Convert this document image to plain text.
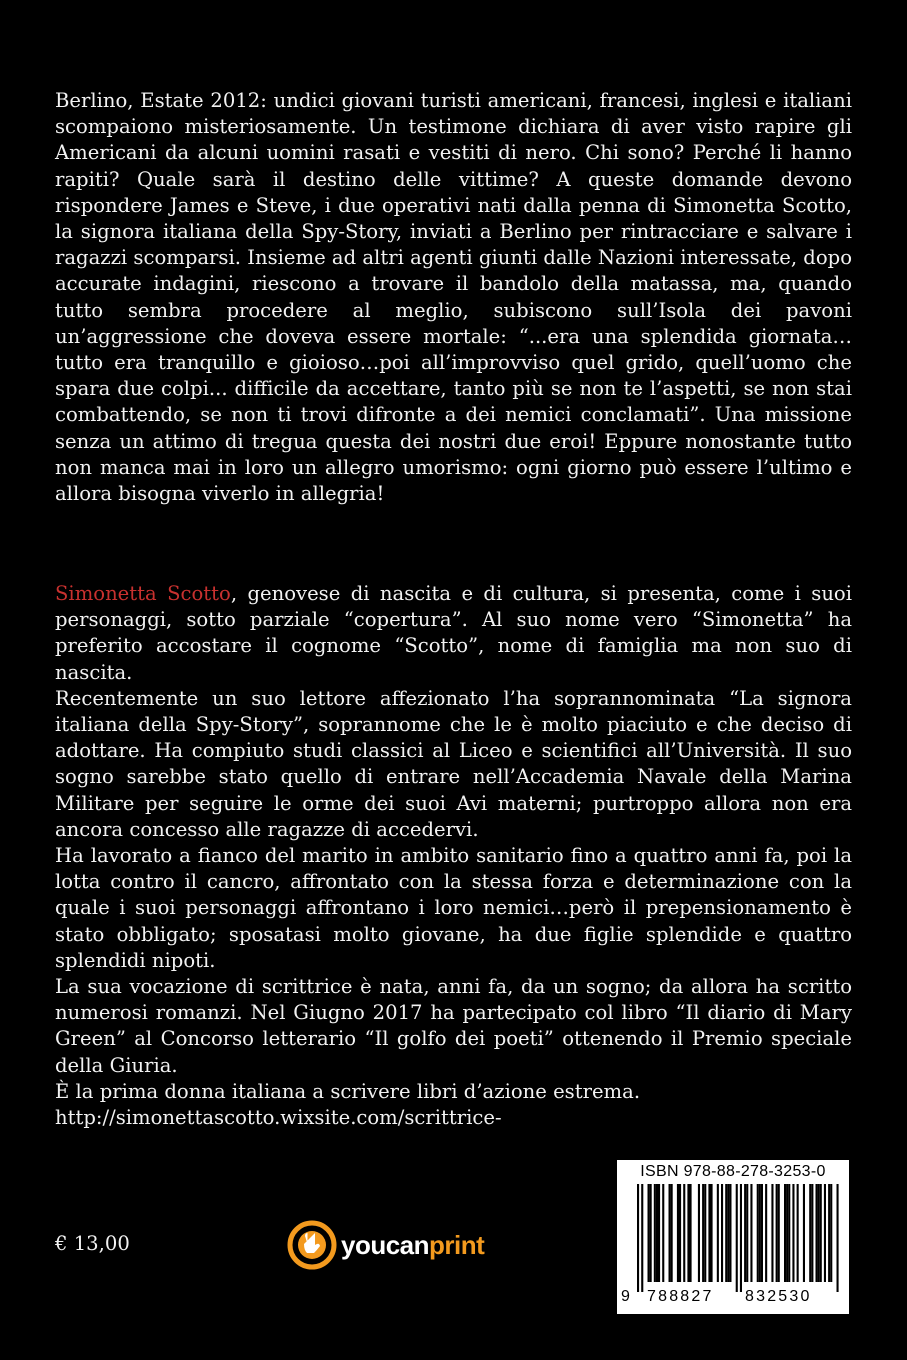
Berlino, Estate 2012: undici giovani turisti americani, francesi, inglesi e italiani scompaiono misteriosamente. Un testimone dichiara di aver visto rapire gli Americani da alcuni uomini rasati e vestiti di nero. Chi sono? Perché li hanno rapiti? Quale sarà il destino delle vittime? A queste domande devono rispondere James e Steve, i due operativi nati dalla penna di Simonetta Scotto, la signora italiana della Spy-Story, inviati a Berlino per rintracciare e salvare i ragazzi scomparsi. Insieme ad altri agenti giunti dalle Nazioni interessate, dopo accurate indagini, riescono a trovare il bandolo della matassa, ma, quando tutto sembra procedere al meglio, subiscono sull’Isola dei pavoni un’aggressione che doveva essere mortale: “...era una splendida giornata… tutto era tranquillo e gioioso…poi all’improvviso quel grido, quell’uomo che spara due colpi... difficile da accettare, tanto più se non te l’aspetti, se non stai combattendo, se non ti trovi difronte a dei nemici conclamati”. Una missione senza un attimo di tregua questa dei nostri due eroi! Eppure nonostante tutto non manca mai in loro un allegro umorismo: ogni giorno può essere l’ultimo e allora bisogna viverlo in allegria!

Simonetta Scotto, genovese di nascita e di cultura, si presenta, come i suoi personaggi, sotto parziale “copertura”. Al suo nome vero “Simonetta” ha preferito accostare il cognome “Scotto”, nome di famiglia ma non suo di nascita.

Recentemente un suo lettore affezionato l’ha soprannominata “La signora italiana della Spy-Story”, soprannome che le è molto piaciuto e che deciso di adottare. Ha compiuto studi classici al Liceo e scientifici all’Università. Il suo sogno sarebbe stato quello di entrare nell’Accademia Navale della Marina Militare per seguire le orme dei suoi Avi materni; purtroppo allora non era ancora concesso alle ragazze di accedervi.

Ha lavorato a fianco del marito in ambito sanitario fino a quattro anni fa, poi la lotta contro il cancro, affrontato con la stessa forza e determinazione con la quale i suoi personaggi affrontano i loro nemici…però il prepensionamento è stato obbligato; sposatasi molto giovane, ha due figlie splendide e quattro splendidi nipoti.

La sua vocazione di scrittrice è nata, anni fa, da un sogno; da allora ha scritto numerosi romanzi. Nel Giugno 2017 ha partecipato col libro “Il diario di Mary Green” al Concorso letterario “Il golfo dei poeti” ottenendo il Premio speciale della Giuria.

È la prima donna italiana a scrivere libri d’azione estrema.

http://simonettascotto.wixsite.com/scrittrice-

€ 13,00	youcanprint
ISBN 978-88-278-3253-0
9 788827 832530
